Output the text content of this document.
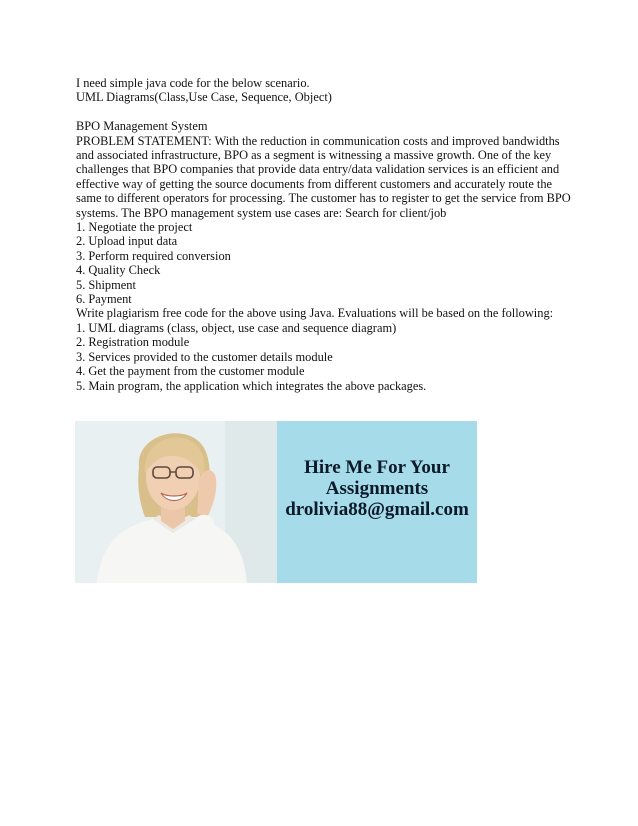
I need simple java code for the below scenario.
UML Diagrams(Class,Use Case, Sequence, Object)
BPO Management System

PROBLEM STATEMENT: With the reduction in communication costs and improved bandwidths and associated infrastructure, BPO as a segment is witnessing a massive growth. One of the key challenges that BPO companies that provide data entry/data validation services is an efficient and effective way of getting the source documents from different customers and accurately route the same to different operators for processing. The customer has to register to get the service from BPO systems. The BPO management system use cases are: Search for client/job

1. Negotiate the project
2. Upload input data
3. Perform required conversion
4. Quality Check
5. Shipment
6. Payment
Write plagiarism free code for the above using Java. Evaluations will be based on the following:
1. UML diagrams (class, object, use case and sequence diagram)
2. Registration module
3. Services provided to the customer details module
4. Get the payment from the customer module
5. Main program, the application which integrates the above packages.
Hire Me For Your
Assignments
drolivia88@gmail.com
